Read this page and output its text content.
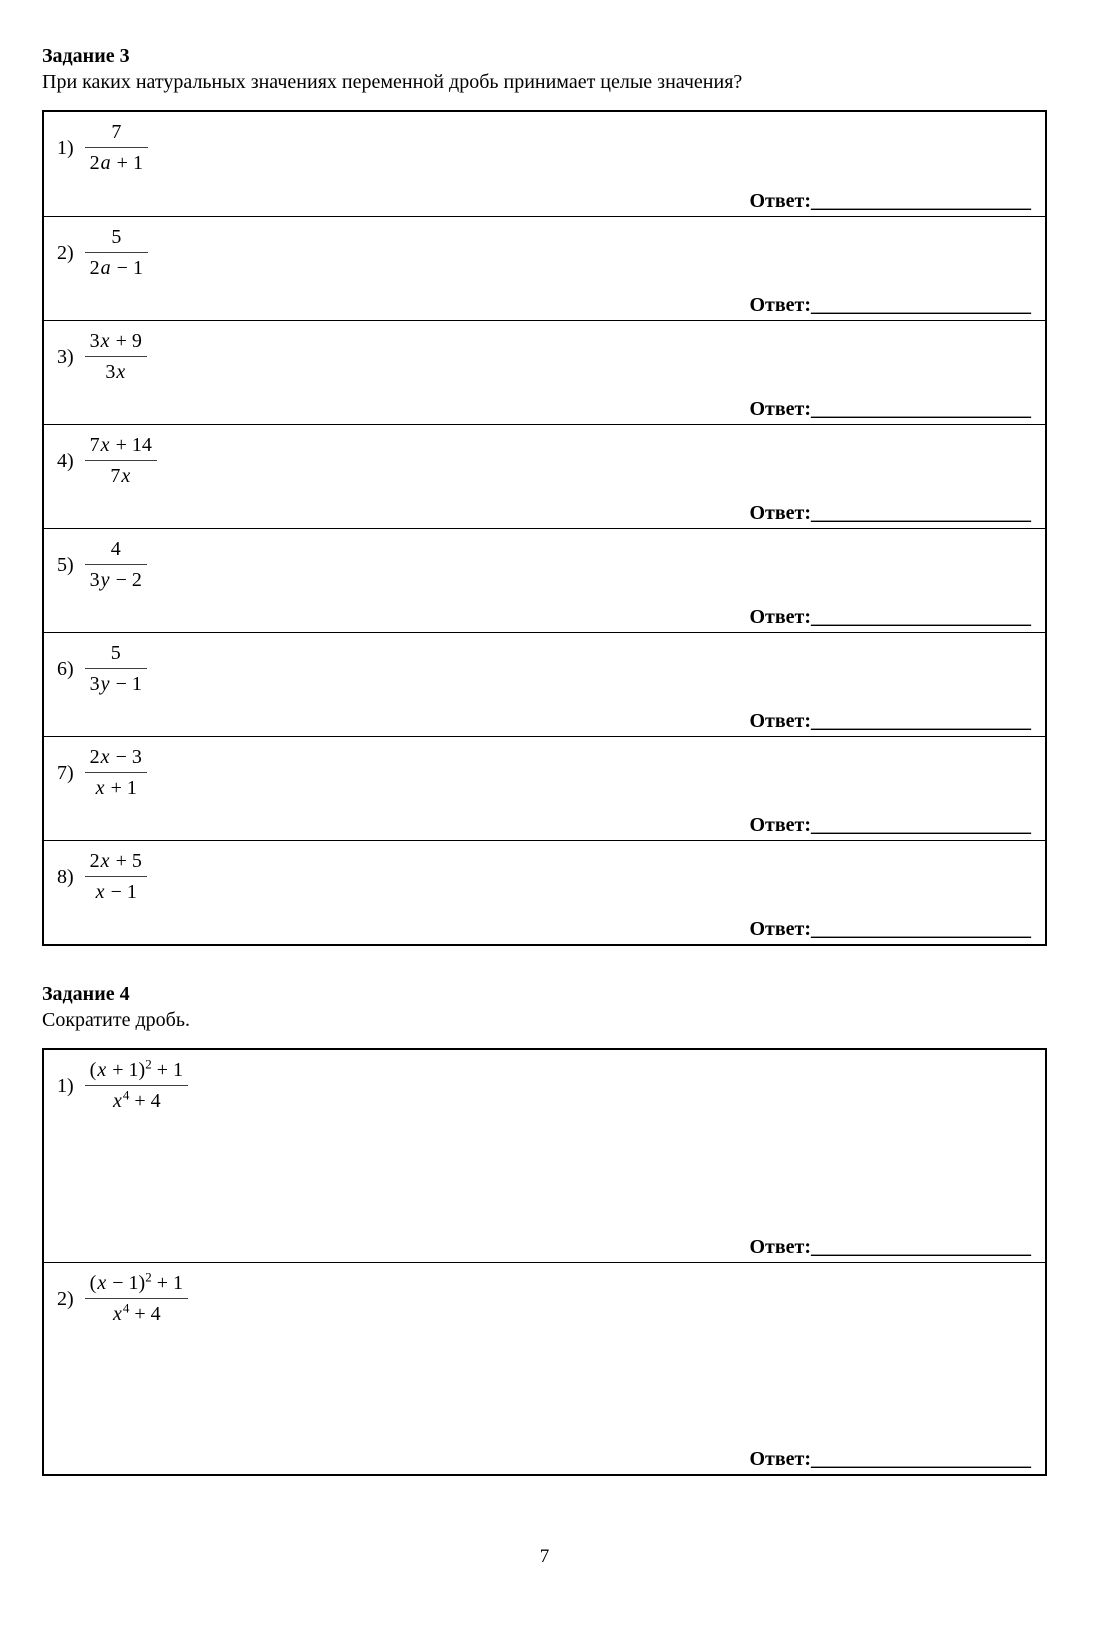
Задание 3
При каких натуральных значениях переменной дробь принимает целые значения?
$1) \frac{7}{2a + 1}$
Ответ:______________________
$2) \frac{5}{2a - 1}$
Ответ:______________________
$3) \frac{3x + 9}{3x}$
Ответ:______________________
$4) \frac{7x + 14}{7x}$
Ответ:______________________
$5) \frac{4}{3y - 2}$
Ответ:______________________
$6) \frac{5}{3y - 1}$
Ответ:______________________
$7) \frac{2x - 3}{x + 1}$
Ответ:______________________
$8) \frac{2x + 5}{x - 1}$
Ответ:______________________
Задание 4
Сократите дробь.
$1) \frac{(x + 1)^2 + 1}{x^4 + 4}$
Ответ:______________________
$2) \frac{(x - 1)^2 + 1}{x^4 + 4}$
Ответ:______________________
7
